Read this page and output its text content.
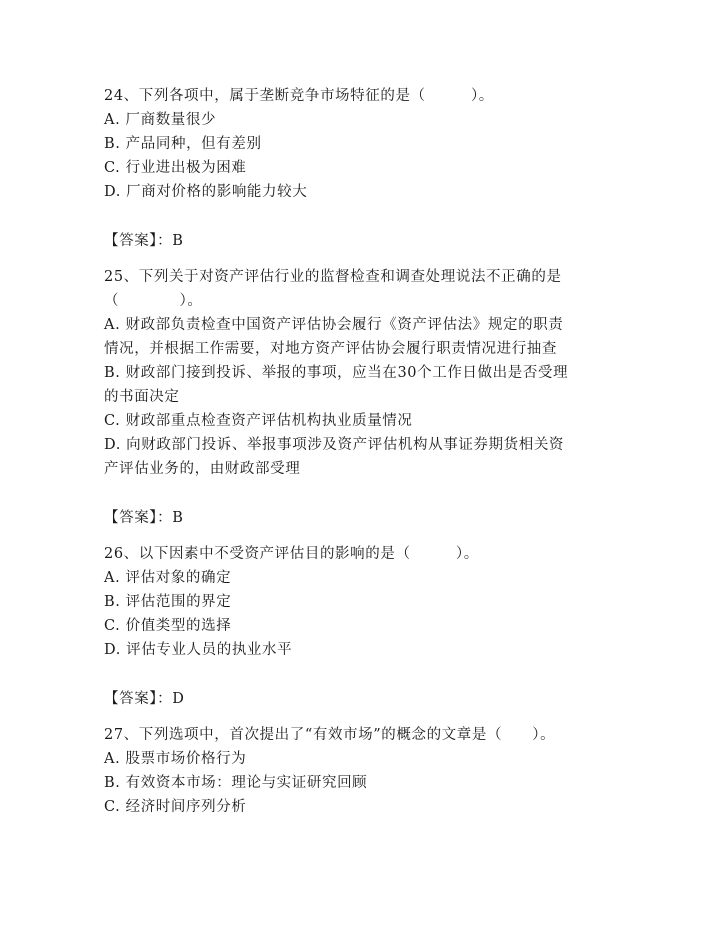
24、下列各项中，属于垄断竞争市场特征的是（　　　）。
A. 厂商数量很少
B. 产品同种，但有差别
C. 行业进出极为困难
D. 厂商对价格的影响能力较大
【答案】：B
25、下列关于对资产评估行业的监督检查和调查处理说法不正确的是
（　　　　）。
A. 财政部负责检查中国资产评估协会履行《资产评估法》规定的职责
情况，并根据工作需要，对地方资产评估协会履行职责情况进行抽查
B. 财政部门接到投诉、举报的事项，应当在30个工作日做出是否受理
的书面决定
C. 财政部重点检查资产评估机构执业质量情况
D. 向财政部门投诉、举报事项涉及资产评估机构从事证券期货相关资
产评估业务的，由财政部受理
【答案】：B
26、以下因素中不受资产评估目的影响的是（　　　）。
A. 评估对象的确定
B. 评估范围的界定
C. 价值类型的选择
D. 评估专业人员的执业水平
【答案】：D
27、下列选项中，首次提出了“有效市场”的概念的文章是（　　）。
A. 股票市场价格行为
B. 有效资本市场：理论与实证研究回顾
C. 经济时间序列分析
